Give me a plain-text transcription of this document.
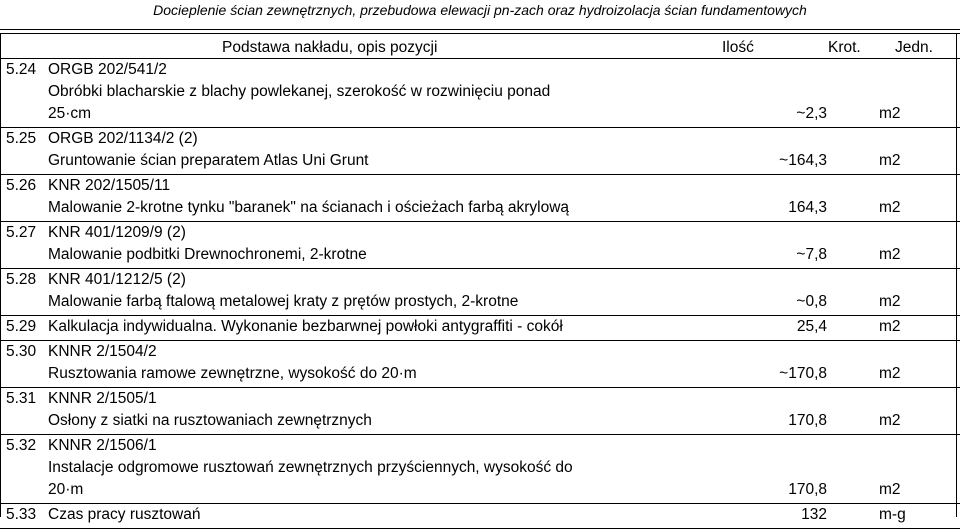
Docieplenie ścian zewnętrznych, przebudowa elewacji pn-zach oraz hydroizolacja ścian fundamentowych
Podstawa nakładu, opis pozycji	Ilość	Krot. Jedn.
5.24 ORGB 202/541/2
Obróbki blacharskie z blachy powlekanej, szerokość w rozwinięciu ponad
25·cm	~2,3	m2
5.25 ORGB 202/1134/2 (2)
Gruntowanie ścian preparatem Atlas Uni Grunt	~164,3	m2
5.26 KNR 202/1505/11
Malowanie 2-krotne tynku "baranek" na ścianach i ościeżach farbą akrylową	164,3	m2
5.27 KNR 401/1209/9 (2)
Malowanie podbitki Drewnochronemi, 2-krotne	~7,8	m2
5.28 KNR 401/1212/5 (2)
Malowanie farbą ftalową metalowej kraty z prętów prostych, 2-krotne	~0,8	m2
5.29 Kalkulacja indywidualna. Wykonanie bezbarwnej powłoki antygraffiti - cokół	25,4	m2
5.30 KNNR 2/1504/2
Rusztowania ramowe zewnętrzne, wysokość do 20·m	~170,8	m2
5.31 KNNR 2/1505/1
Osłony z siatki na rusztowaniach zewnętrznych	170,8	m2
5.32 KNNR 2/1506/1
Instalacje odgromowe rusztowań zewnętrznych przyściennych, wysokość do
20·m	170,8	m2
5.33 Czas pracy rusztowań	132	m-g
